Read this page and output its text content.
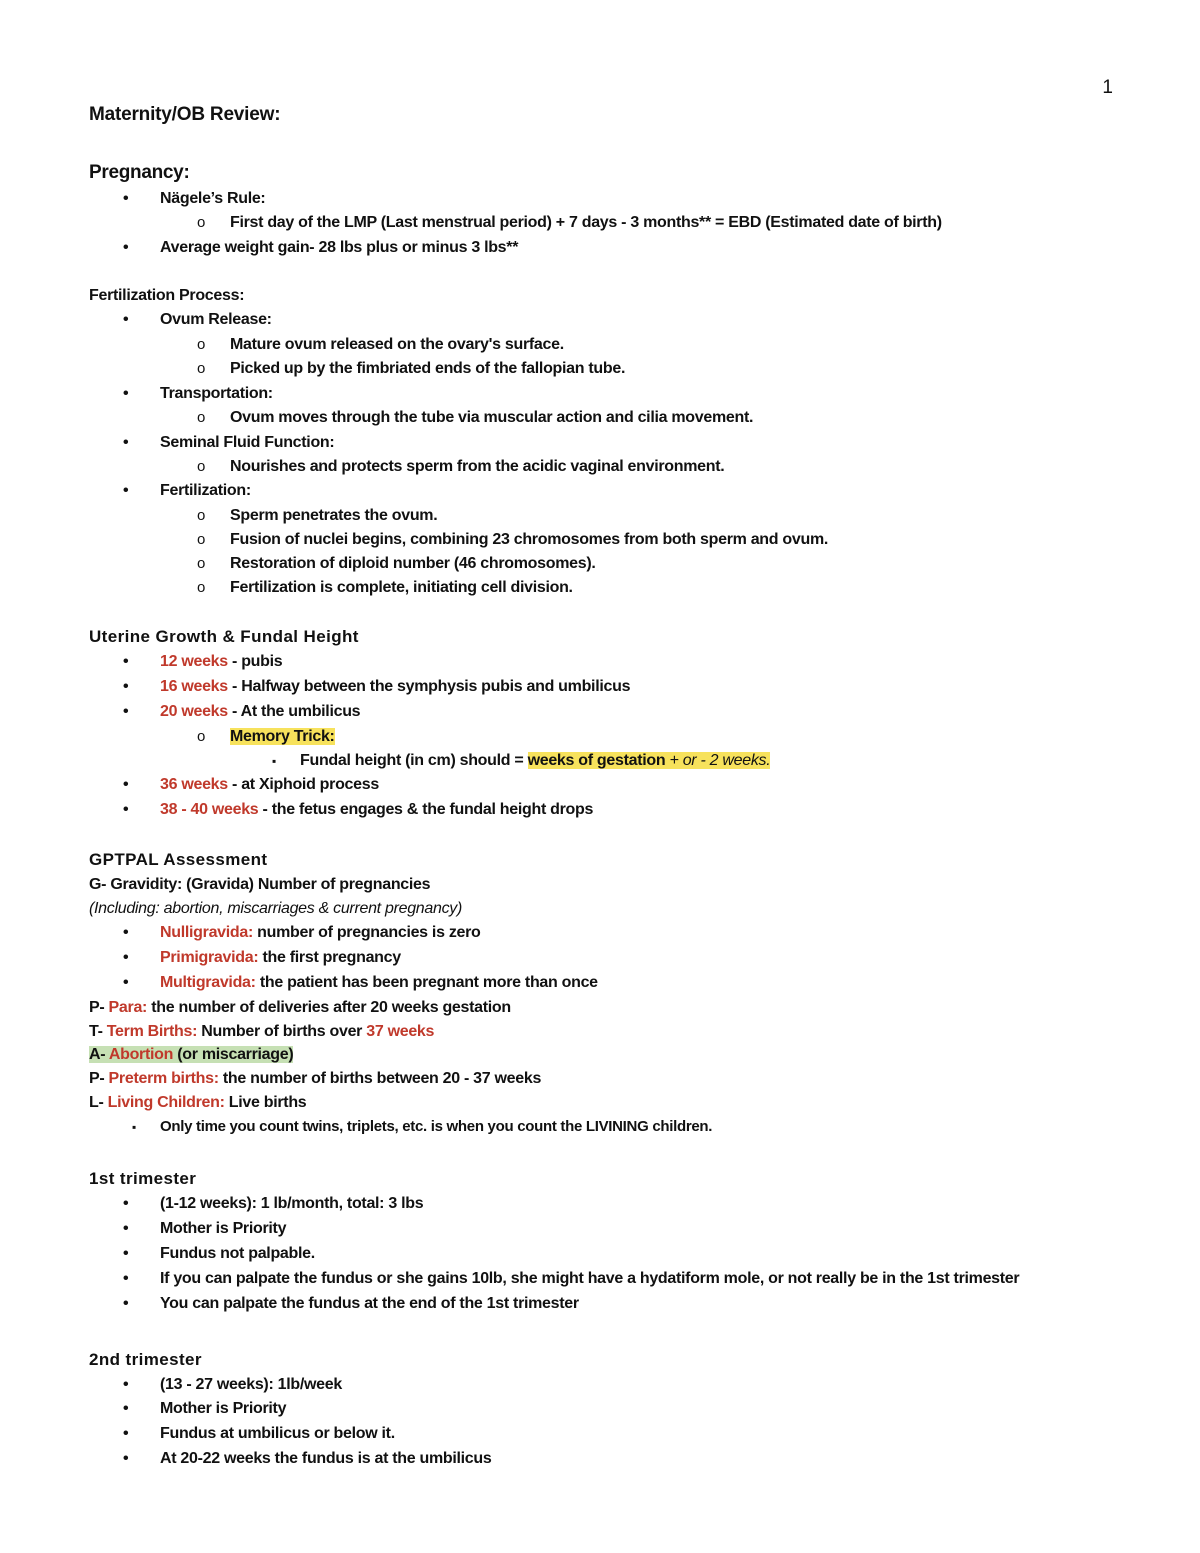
1
Maternity/OB Review:
Pregnancy:
• Nägele’s Rule:
o First day of the LMP (Last menstrual period) + 7 days - 3 months** = EBD (Estimated date of birth)
• Average weight gain- 28 lbs plus or minus 3 lbs**
Fertilization Process:
• Ovum Release:
o Mature ovum released on the ovary's surface.
o Picked up by the fimbriated ends of the fallopian tube.
• Transportation:
o Ovum moves through the tube via muscular action and cilia movement.
• Seminal Fluid Function:
o Nourishes and protects sperm from the acidic vaginal environment.
• Fertilization:
o Sperm penetrates the ovum.
o Fusion of nuclei begins, combining 23 chromosomes from both sperm and ovum.
o Restoration of diploid number (46 chromosomes).
o Fertilization is complete, initiating cell division.
Uterine Growth & Fundal Height
• 12 weeks - pubis
• 16 weeks - Halfway between the symphysis pubis and umbilicus
• 20 weeks - At the umbilicus
o Memory Trick:
▪ Fundal height (in cm) should = weeks of gestation + or - 2 weeks.
• 36 weeks - at Xiphoid process
• 38 - 40 weeks - the fetus engages & the fundal height drops
GPTPAL Assessment
G- Gravidity: (Gravida) Number of pregnancies
(Including: abortion, miscarriages & current pregnancy)
• Nulligravida: number of pregnancies is zero
• Primigravida: the first pregnancy
• Multigravida: the patient has been pregnant more than once
P- Para: the number of deliveries after 20 weeks gestation
T- Term Births: Number of births over 37 weeks
A- Abortion (or miscarriage)
P- Preterm births: the number of births between 20 - 37 weeks
L- Living Children: Live births
▪ Only time you count twins, triplets, etc. is when you count the LIVINING children.
1st trimester
• (1-12 weeks): 1 lb/month, total: 3 lbs
• Mother is Priority
• Fundus not palpable.
• If you can palpate the fundus or she gains 10lb, she might have a hydatiform mole, or not really be in the 1st trimester
• You can palpate the fundus at the end of the 1st trimester
2nd trimester
• (13 - 27 weeks): 1lb/week
• Mother is Priority
• Fundus at umbilicus or below it.
• At 20-22 weeks the fundus is at the umbilicus
